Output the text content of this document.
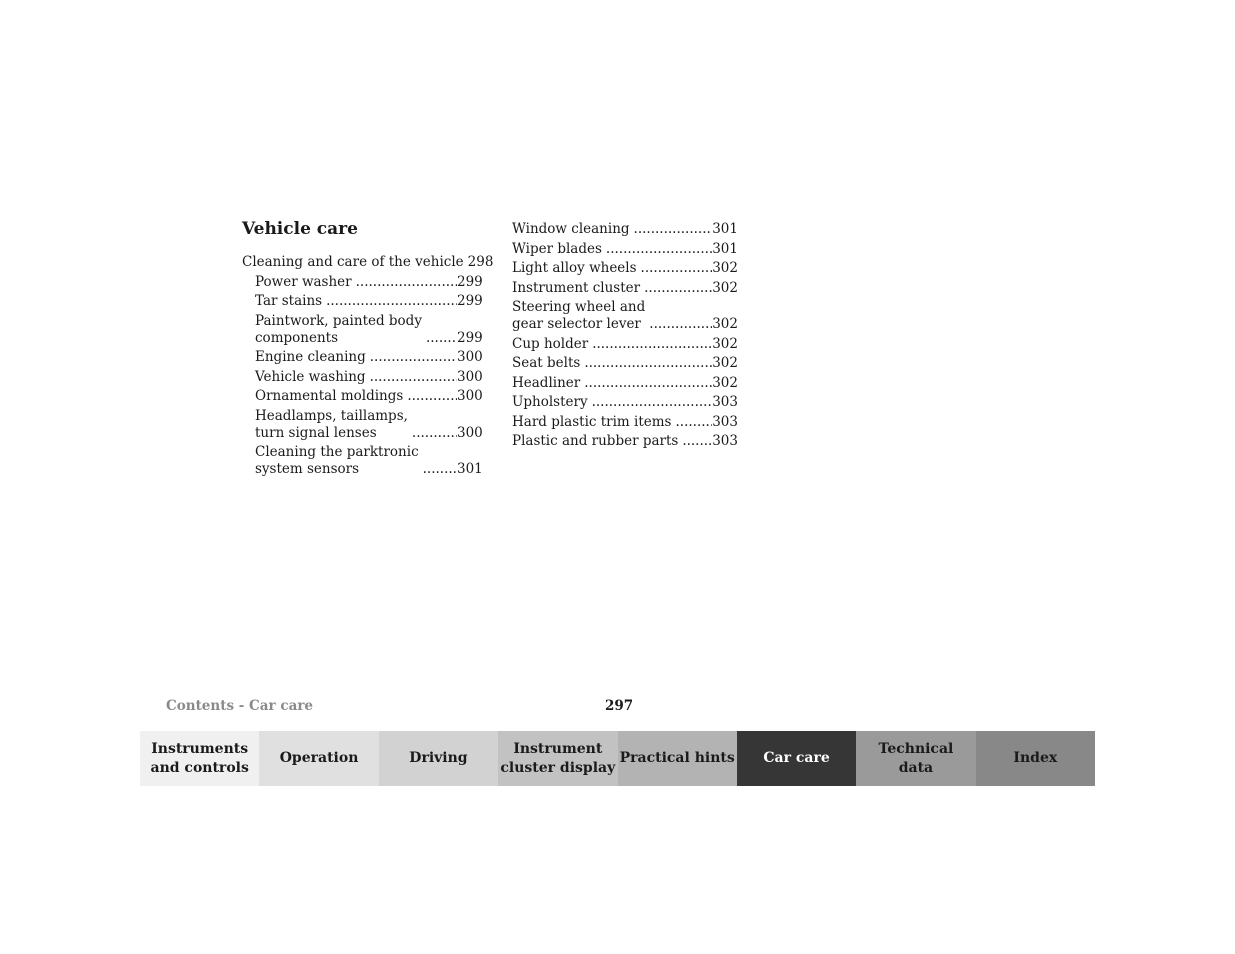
Vehicle care
Cleaning and care of the vehicle 298
Power washer .....	299
Tar stains .....	299
Paintwork, painted body
components .....	299
Engine cleaning .....	300
Vehicle washing .....	300
Ornamental moldings .....	300
Headlamps, taillamps,
turn signal lenses .....	300
Cleaning the parktronic
system sensors .....	301
Window cleaning .....	301
Wiper blades .....	301
Light alloy wheels .....	302
Instrument cluster .....	302
Steering wheel and
gear selector lever .....	302
Cup holder .....	302
Seat belts .....	302
Headliner .....	302
Upholstery .....	303
Hard plastic trim items .....	303
Plastic and rubber parts .....	303
Contents - Car care	297
Instruments
and controls
Operation	Driving
Instrument
cluster display
Practical hints	Car care
Technical
data
Index
